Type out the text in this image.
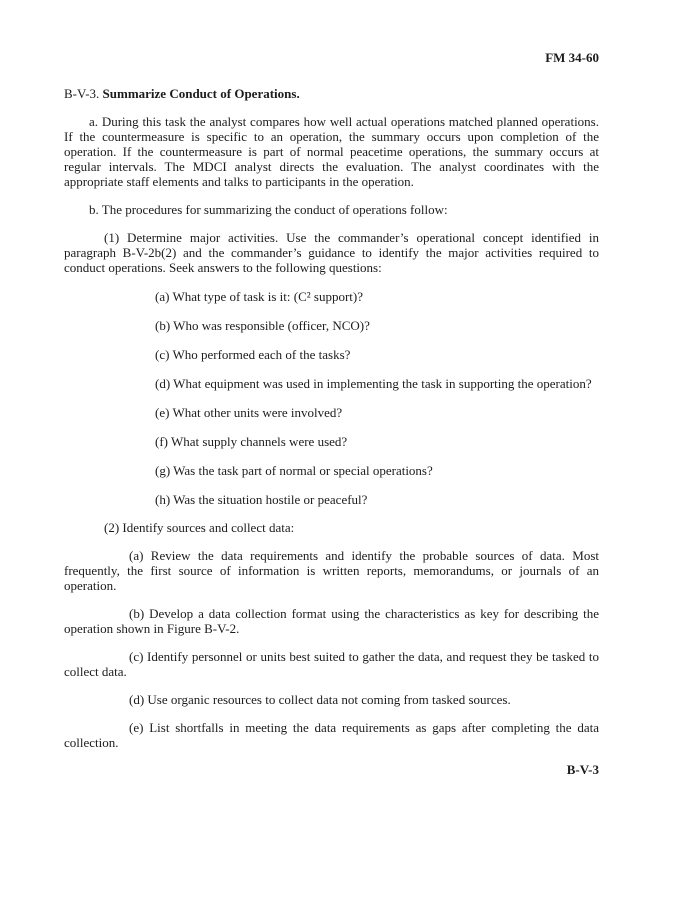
FM 34-60
B-V-3. Summarize Conduct of Operations.

a. During this task the analyst compares how well actual operations matched planned operations. If the countermeasure is specific to an operation, the summary occurs upon completion of the operation. If the countermeasure is part of normal peacetime operations, the summary occurs at regular intervals. The MDCI analyst directs the evaluation. The analyst coordinates with the appropriate staff elements and talks to participants in the operation.

b. The procedures for summarizing the conduct of operations follow:

(1) Determine major activities. Use the commander’s operational concept identified in paragraph B-V-2b(2) and the commander’s guidance to identify the major activities required to conduct operations. Seek answers to the following questions:

(a) What type of task is it: (C² support)?

(b) Who was responsible (officer, NCO)?

(c) Who performed each of the tasks?

(d) What equipment was used in implementing the task in supporting the operation?

(e) What other units were involved?

(f) What supply channels were used?

(g) Was the task part of normal or special operations?

(h) Was the situation hostile or peaceful?

(2) Identify sources and collect data:

(a) Review the data requirements and identify the probable sources of data. Most frequently, the first source of information is written reports, memorandums, or journals of an operation.

(b) Develop a data collection format using the characteristics as key for describing the operation shown in Figure B-V-2.

(c) Identify personnel or units best suited to gather the data, and request they be tasked to collect data.

(d) Use organic resources to collect data not coming from tasked sources.

(e) List shortfalls in meeting the data requirements as gaps after completing the data collection.

B-V-3
